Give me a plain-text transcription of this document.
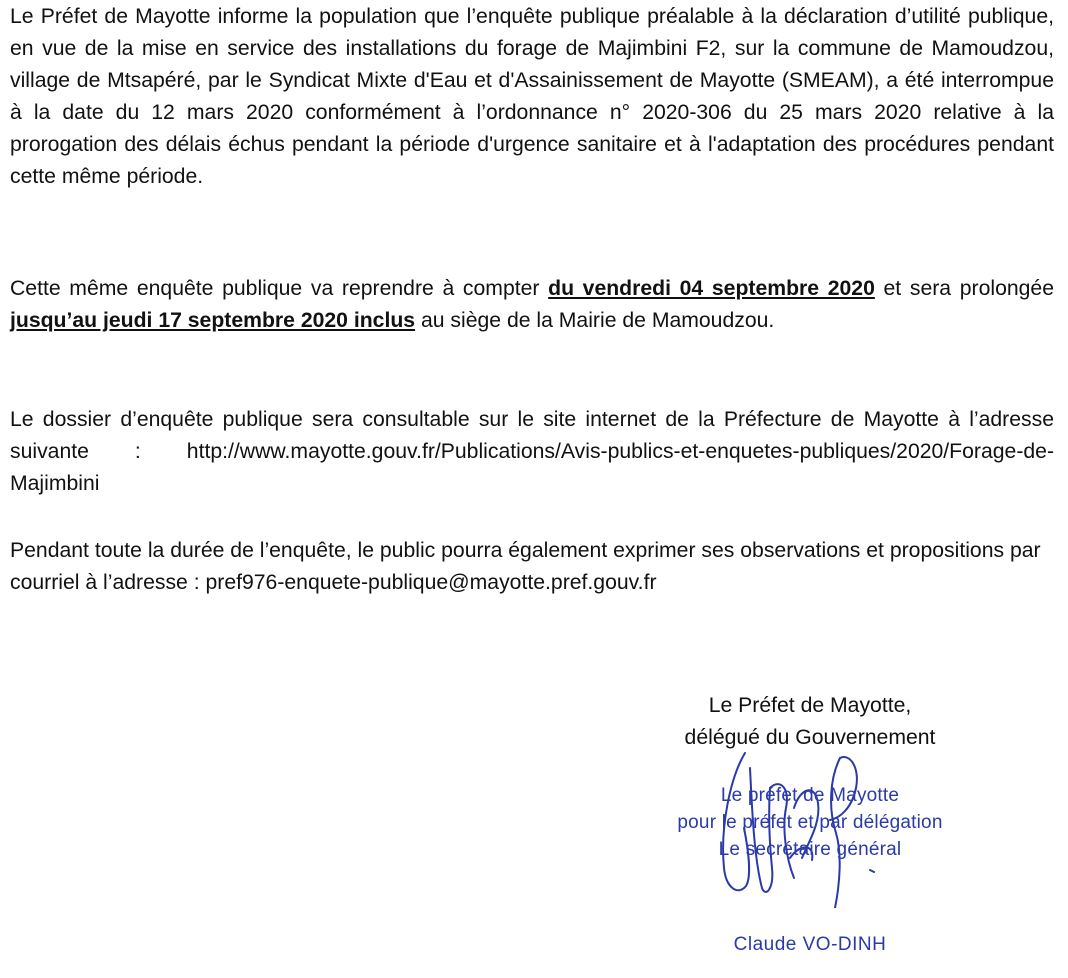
Le Préfet de Mayotte informe la population que l’enquête publique préalable à la déclaration d’utilité publique, en vue de la mise en service des installations du forage de Majimbini F2, sur la commune de Mamoudzou, village de Mtsapéré, par le Syndicat Mixte d'Eau et d'Assainissement de Mayotte (SMEAM), a été interrompue à la date du 12 mars 2020 conformément à l’ordonnance n° 2020-306 du 25 mars 2020 relative à la prorogation des délais échus pendant la période d'urgence sanitaire et à l'adaptation des procédures pendant cette même période.

Cette même enquête publique va reprendre à compter du vendredi 04 septembre 2020 et sera prolongée jusqu’au jeudi 17 septembre 2020 inclus au siège de la Mairie de Mamoudzou.

Le dossier d’enquête publique sera consultable sur le site internet de la Préfecture de Mayotte à l’adresse suivante : http://www.mayotte.gouv.fr/Publications/Avis-publics-et-enquetes-publiques/2020/Forage-de-Majimbini

Pendant toute la durée de l’enquête, le public pourra également exprimer ses observations et propositions par courriel à l’adresse : pref976-enquete-publique@mayotte.pref.gouv.fr

Le Préfet de Mayotte,

délégué du Gouvernement

Le préfet de Mayotte

pour le préfet et par délégation

Le secrétaire général

Claude VO-DINH
